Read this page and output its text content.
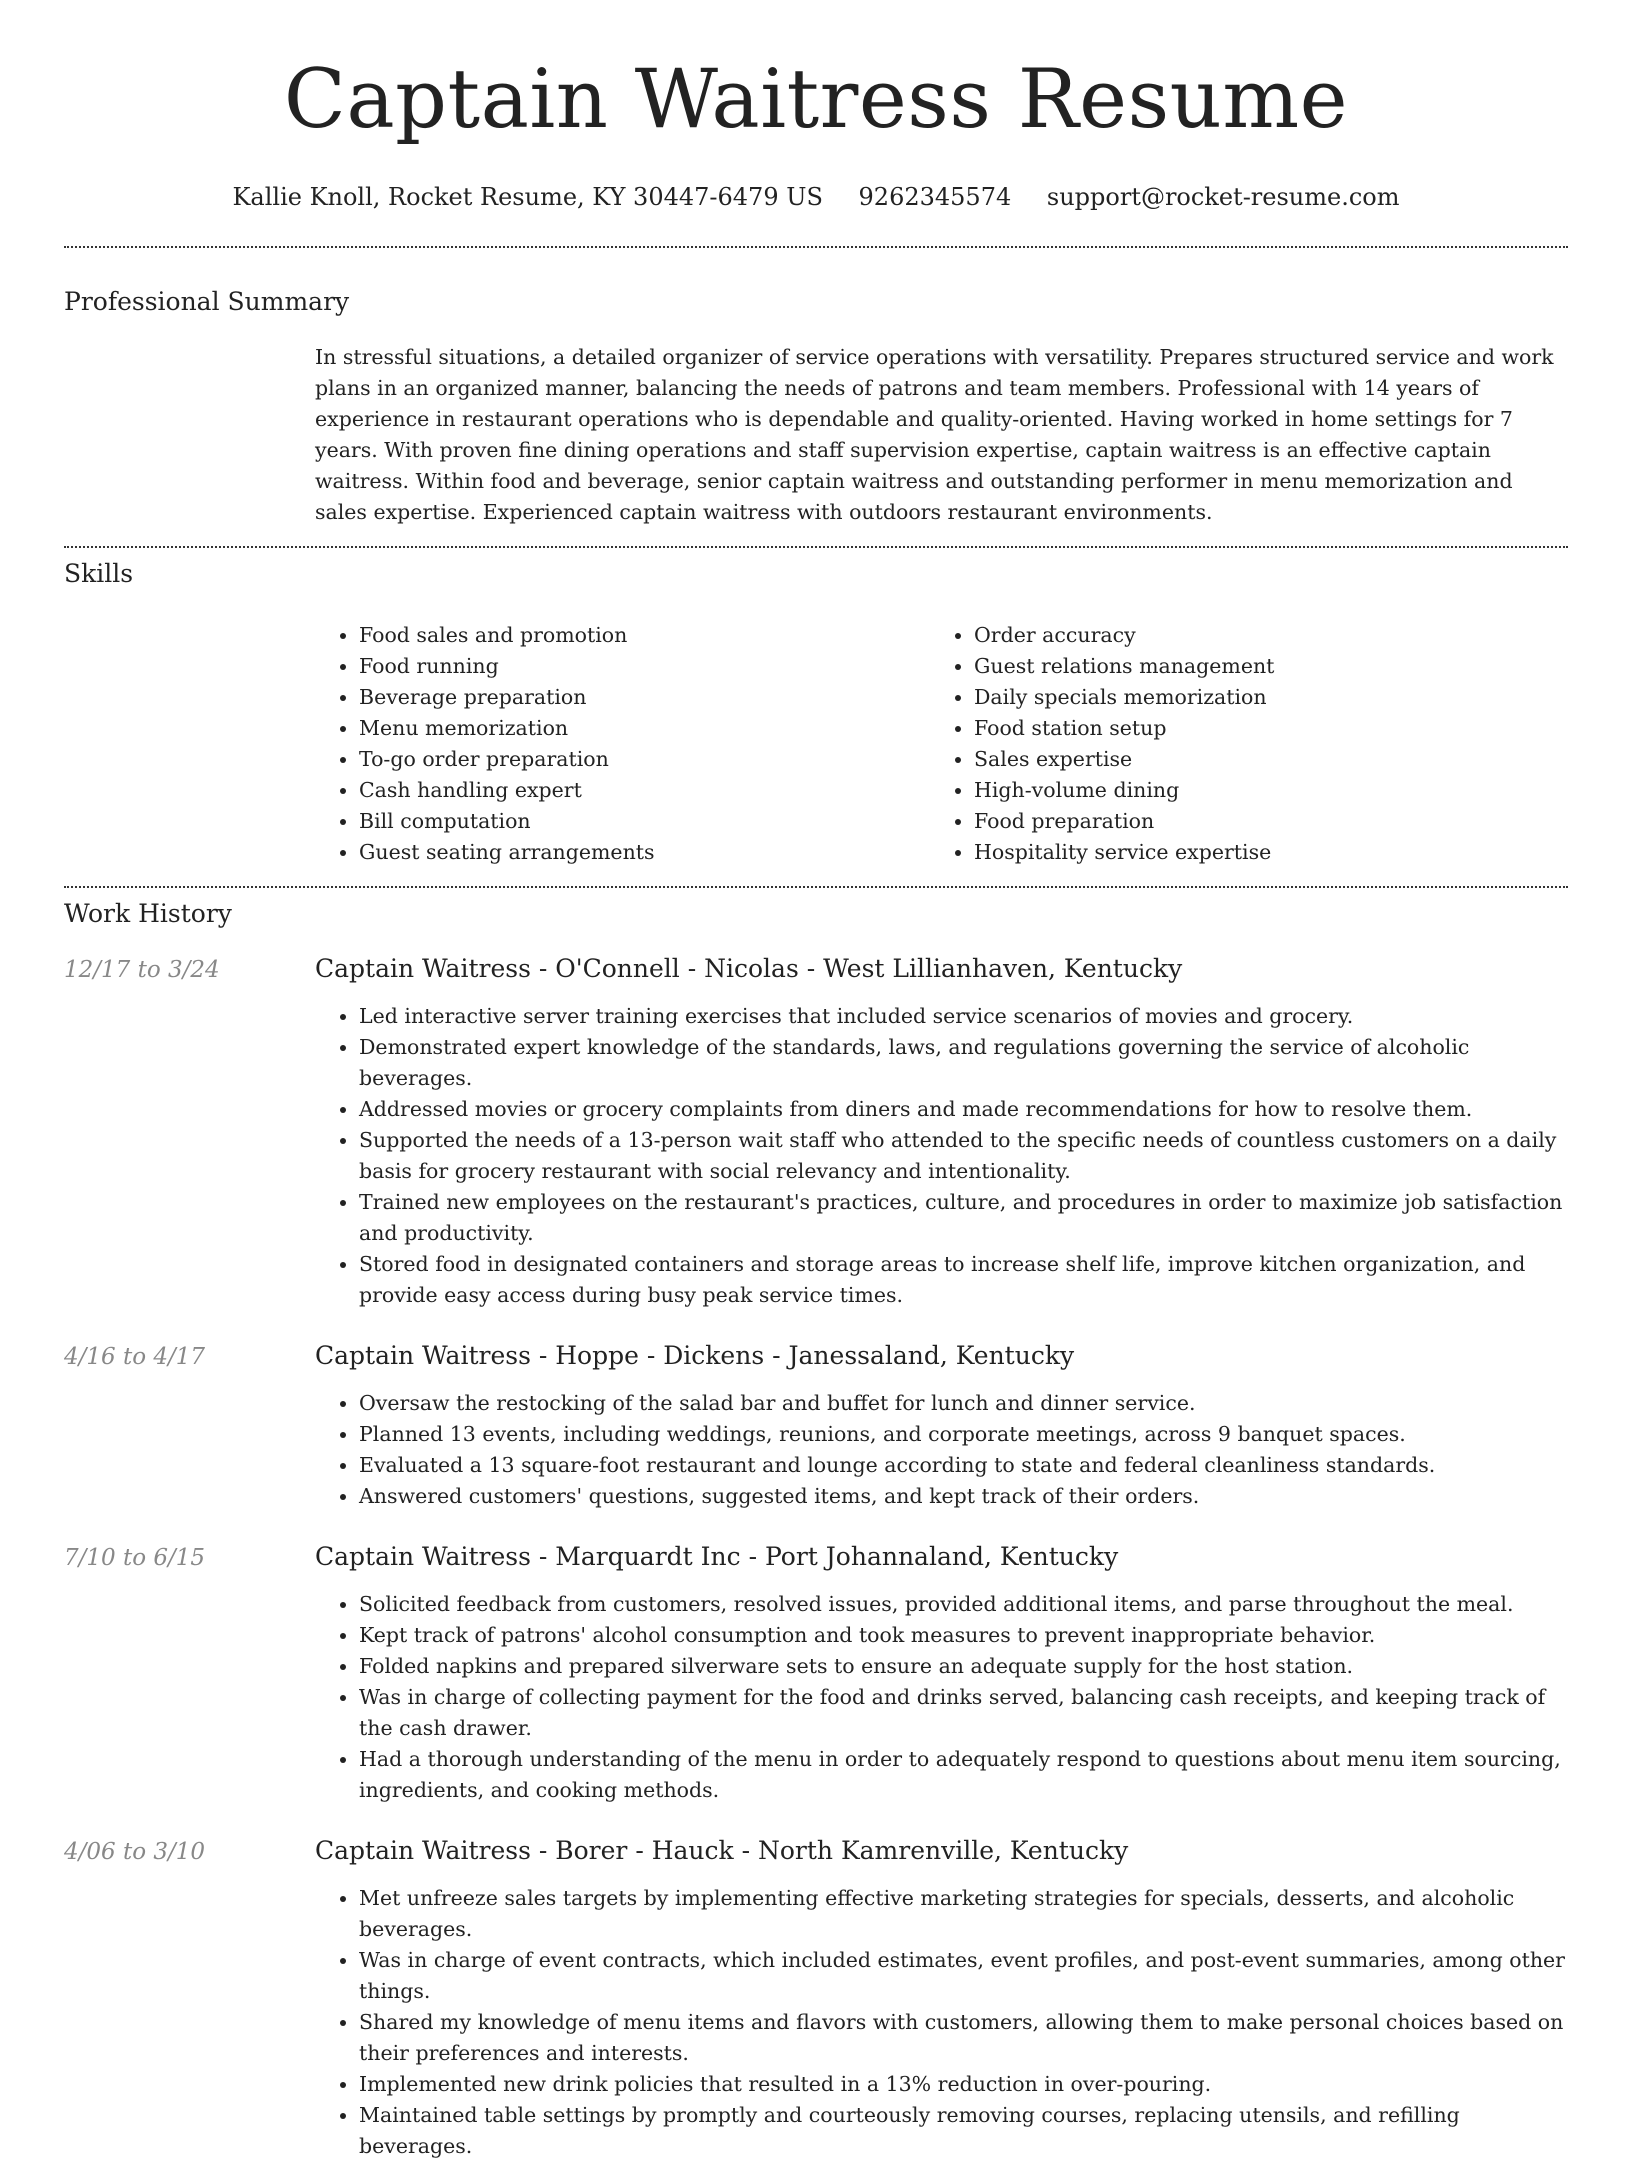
Captain Waitress Resume
Kallie Knoll, Rocket Resume, KY 30447-6479 US 9262345574 support@rocket-resume.com
Professional Summary
In stressful situations, a detailed organizer of service operations with versatility. Prepares structured service and work plans in an organized manner, balancing the needs of patrons and team members. Professional with 14 years of experience in restaurant operations who is dependable and quality-oriented. Having worked in home settings for 7 years. With proven fine dining operations and staff supervision expertise, captain waitress is an effective captain waitress. Within food and beverage, senior captain waitress and outstanding performer in menu memorization and sales expertise. Experienced captain waitress with outdoors restaurant environments.
Skills
• Food sales and promotion
• Food running
• Beverage preparation
• Menu memorization
• To-go order preparation
• Cash handling expert
• Bill computation
• Guest seating arrangements
• Order accuracy
• Guest relations management
• Daily specials memorization
• Food station setup
• Sales expertise
• High-volume dining
• Food preparation
• Hospitality service expertise
Work History
12/17 to 3/24	Captain Waitress - O'Connell - Nicolas - West Lillianhaven, Kentucky
• Led interactive server training exercises that included service scenarios of movies and grocery.
• Demonstrated expert knowledge of the standards, laws, and regulations governing the service of alcoholic beverages.
• Addressed movies or grocery complaints from diners and made recommendations for how to resolve them.
• Supported the needs of a 13-person wait staff who attended to the specific needs of countless customers on a daily basis for grocery restaurant with social relevancy and intentionality.
• Trained new employees on the restaurant's practices, culture, and procedures in order to maximize job satisfaction and productivity.
• Stored food in designated containers and storage areas to increase shelf life, improve kitchen organization, and provide easy access during busy peak service times.
4/16 to 4/17	Captain Waitress - Hoppe - Dickens - Janessaland, Kentucky
• Oversaw the restocking of the salad bar and buffet for lunch and dinner service.
• Planned 13 events, including weddings, reunions, and corporate meetings, across 9 banquet spaces.
• Evaluated a 13 square-foot restaurant and lounge according to state and federal cleanliness standards.
• Answered customers' questions, suggested items, and kept track of their orders.
7/10 to 6/15	Captain Waitress - Marquardt Inc - Port Johannaland, Kentucky
• Solicited feedback from customers, resolved issues, provided additional items, and parse throughout the meal.
• Kept track of patrons' alcohol consumption and took measures to prevent inappropriate behavior.
• Folded napkins and prepared silverware sets to ensure an adequate supply for the host station.
• Was in charge of collecting payment for the food and drinks served, balancing cash receipts, and keeping track of the cash drawer.
• Had a thorough understanding of the menu in order to adequately respond to questions about menu item sourcing, ingredients, and cooking methods.
4/06 to 3/10	Captain Waitress - Borer - Hauck - North Kamrenville, Kentucky
• Met unfreeze sales targets by implementing effective marketing strategies for specials, desserts, and alcoholic beverages.
• Was in charge of event contracts, which included estimates, event profiles, and post-event summaries, among other things.
• Shared my knowledge of menu items and flavors with customers, allowing them to make personal choices based on their preferences and interests.
• Implemented new drink policies that resulted in a 13% reduction in over-pouring.
• Maintained table settings by promptly and courteously removing courses, replacing utensils, and refilling beverages.
